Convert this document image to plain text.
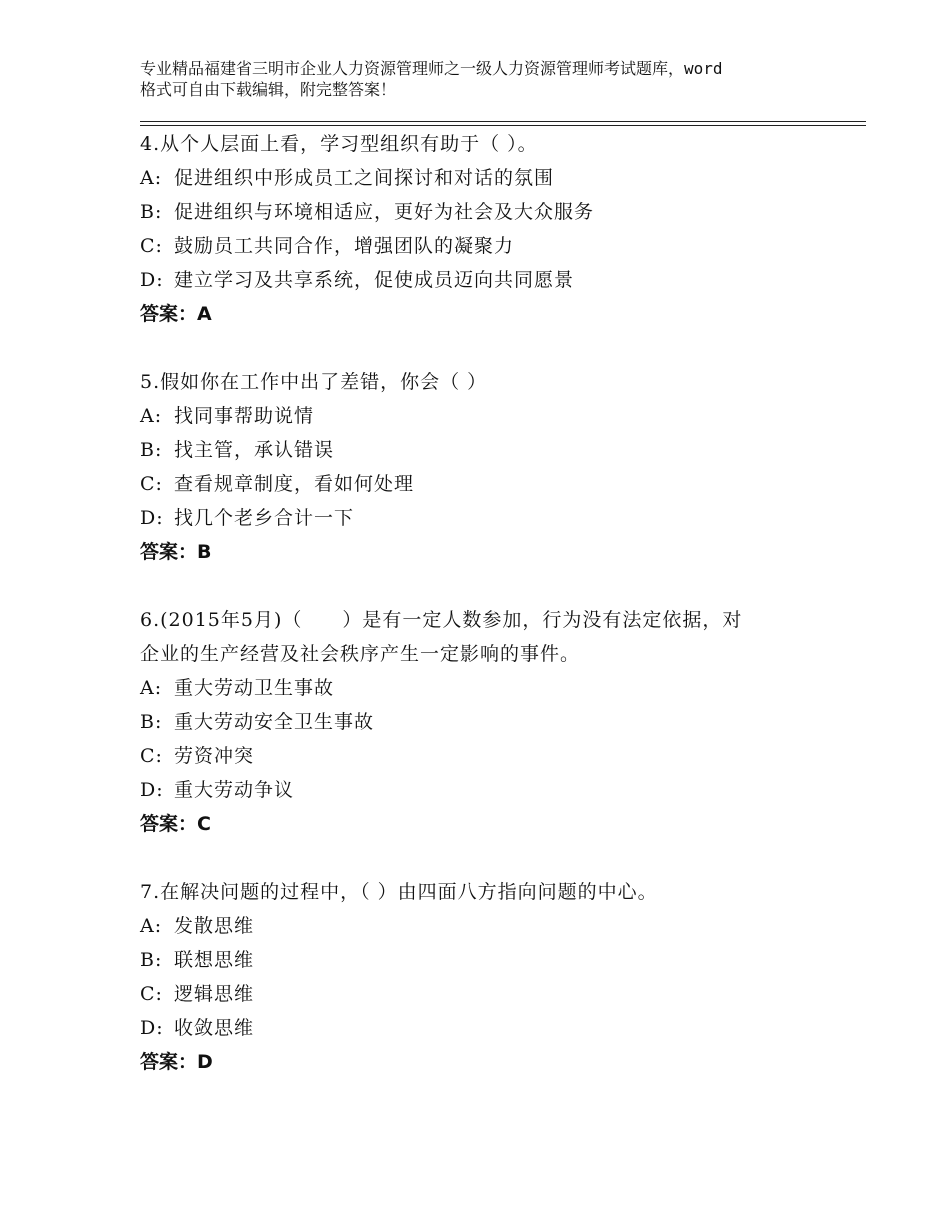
专业精品福建省三明市企业人力资源管理师之一级人力资源管理师考试题库，word
格式可自由下载编辑，附完整答案！
4.从个人层面上看，学习型组织有助于（ ）。
A: 促进组织中形成员工之间探讨和对话的氛围
B: 促进组织与环境相适应，更好为社会及大众服务
C: 鼓励员工共同合作，增强团队的凝聚力
D: 建立学习及共享系统，促使成员迈向共同愿景
答案：A
5.假如你在工作中出了差错，你会（ ）
A: 找同事帮助说情
B: 找主管，承认错误
C: 查看规章制度，看如何处理
D: 找几个老乡合计一下
答案：B
6.(2015年5月)（　　）是有一定人数参加，行为没有法定依据，对
企业的生产经营及社会秩序产生一定影响的事件。
A: 重大劳动卫生事故
B: 重大劳动安全卫生事故
C: 劳资冲突
D: 重大劳动争议
答案：C
7.在解决问题的过程中，（ ）由四面八方指向问题的中心。
A: 发散思维
B: 联想思维
C: 逻辑思维
D: 收敛思维
答案：D
